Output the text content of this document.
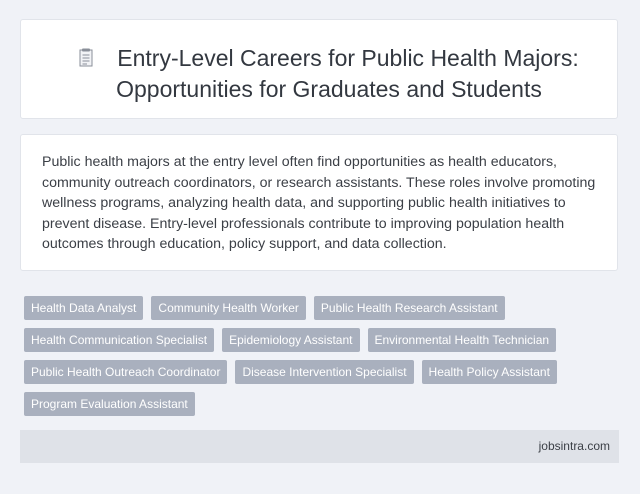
Entry-Level Careers for Public Health Majors: Opportunities for Graduates and Students

Public health majors at the entry level often find opportunities as health educators, community outreach coordinators, or research assistants. These roles involve promoting wellness programs, analyzing health data, and supporting public health initiatives to prevent disease. Entry-level professionals contribute to improving population health outcomes through education, policy support, and data collection.

Health Data Analyst	Community Health Worker	Public Health Research Assistant
Health Communication Specialist	Epidemiology Assistant	Environmental Health Technician
Public Health Outreach Coordinator	Disease Intervention Specialist	Health Policy Assistant
Program Evaluation Assistant
jobsintra.com
